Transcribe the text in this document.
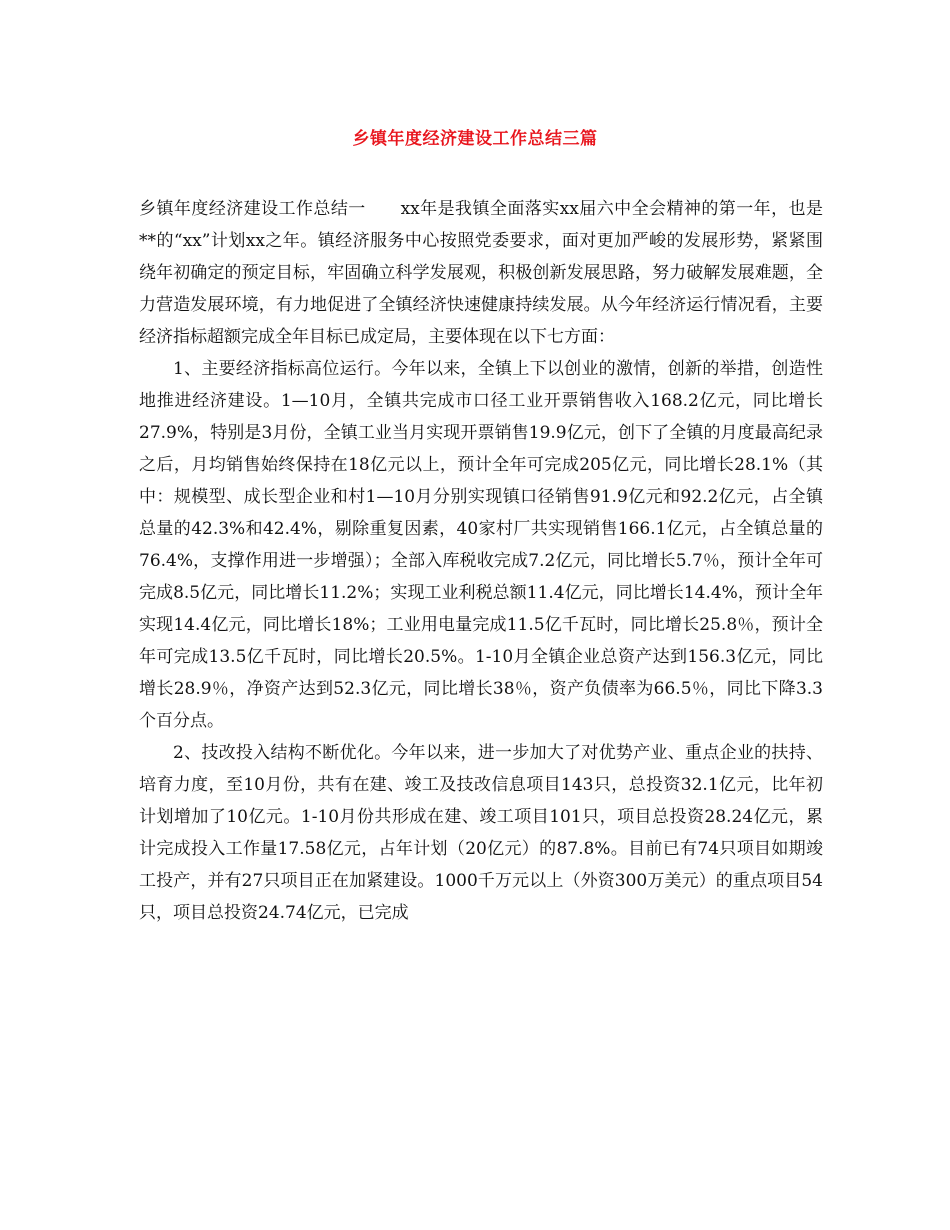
乡镇年度经济建设工作总结三篇

乡镇年度经济建设工作总结一　　xx年是我镇全面落实xx届六中全会精神的第一年，也是**的“xx”计划xx之年。镇经济服务中心按照党委要求，面对更加严峻的发展形势，紧紧围绕年初确定的预定目标，牢固确立科学发展观，积极创新发展思路，努力破解发展难题，全力营造发展环境，有力地促进了全镇经济快速健康持续发展。从今年经济运行情况看，主要经济指标超额完成全年目标已成定局，主要体现在以下七方面：

1、主要经济指标高位运行。今年以来，全镇上下以创业的激情，创新的举措，创造性地推进经济建设。1—10月，全镇共完成市口径工业开票销售收入168.2亿元，同比增长27.9%，特别是3月份，全镇工业当月实现开票销售19.9亿元，创下了全镇的月度最高纪录之后，月均销售始终保持在18亿元以上，预计全年可完成205亿元，同比增长28.1%（其中：规模型、成长型企业和村1—10月分别实现镇口径销售91.9亿元和92.2亿元，占全镇总量的42.3%和42.4%，剔除重复因素，40家村厂共实现销售166.1亿元，占全镇总量的76.4%，支撑作用进一步增强）；全部入库税收完成7.2亿元，同比增长5.7％，预计全年可完成8.5亿元，同比增长11.2%；实现工业利税总额11.4亿元，同比增长14.4%，预计全年实现14.4亿元，同比增长18%；工业用电量完成11.5亿千瓦时，同比增长25.8％，预计全年可完成13.5亿千瓦时，同比增长20.5%。1-10月全镇企业总资产达到156.3亿元，同比增长28.9％，净资产达到52.3亿元，同比增长38％，资产负债率为66.5％，同比下降3.3个百分点。

2、技改投入结构不断优化。今年以来，进一步加大了对优势产业、重点企业的扶持、培育力度，至10月份，共有在建、竣工及技改信息项目143只，总投资32.1亿元，比年初计划增加了10亿元。1-10月份共形成在建、竣工项目101只，项目总投资28.24亿元，累计完成投入工作量17.58亿元，占年计划（20亿元）的87.8%。目前已有74只项目如期竣工投产，并有27只项目正在加紧建设。1000千万元以上（外资300万美元）的重点项目54只，项目总投资24.74亿元，已完成
